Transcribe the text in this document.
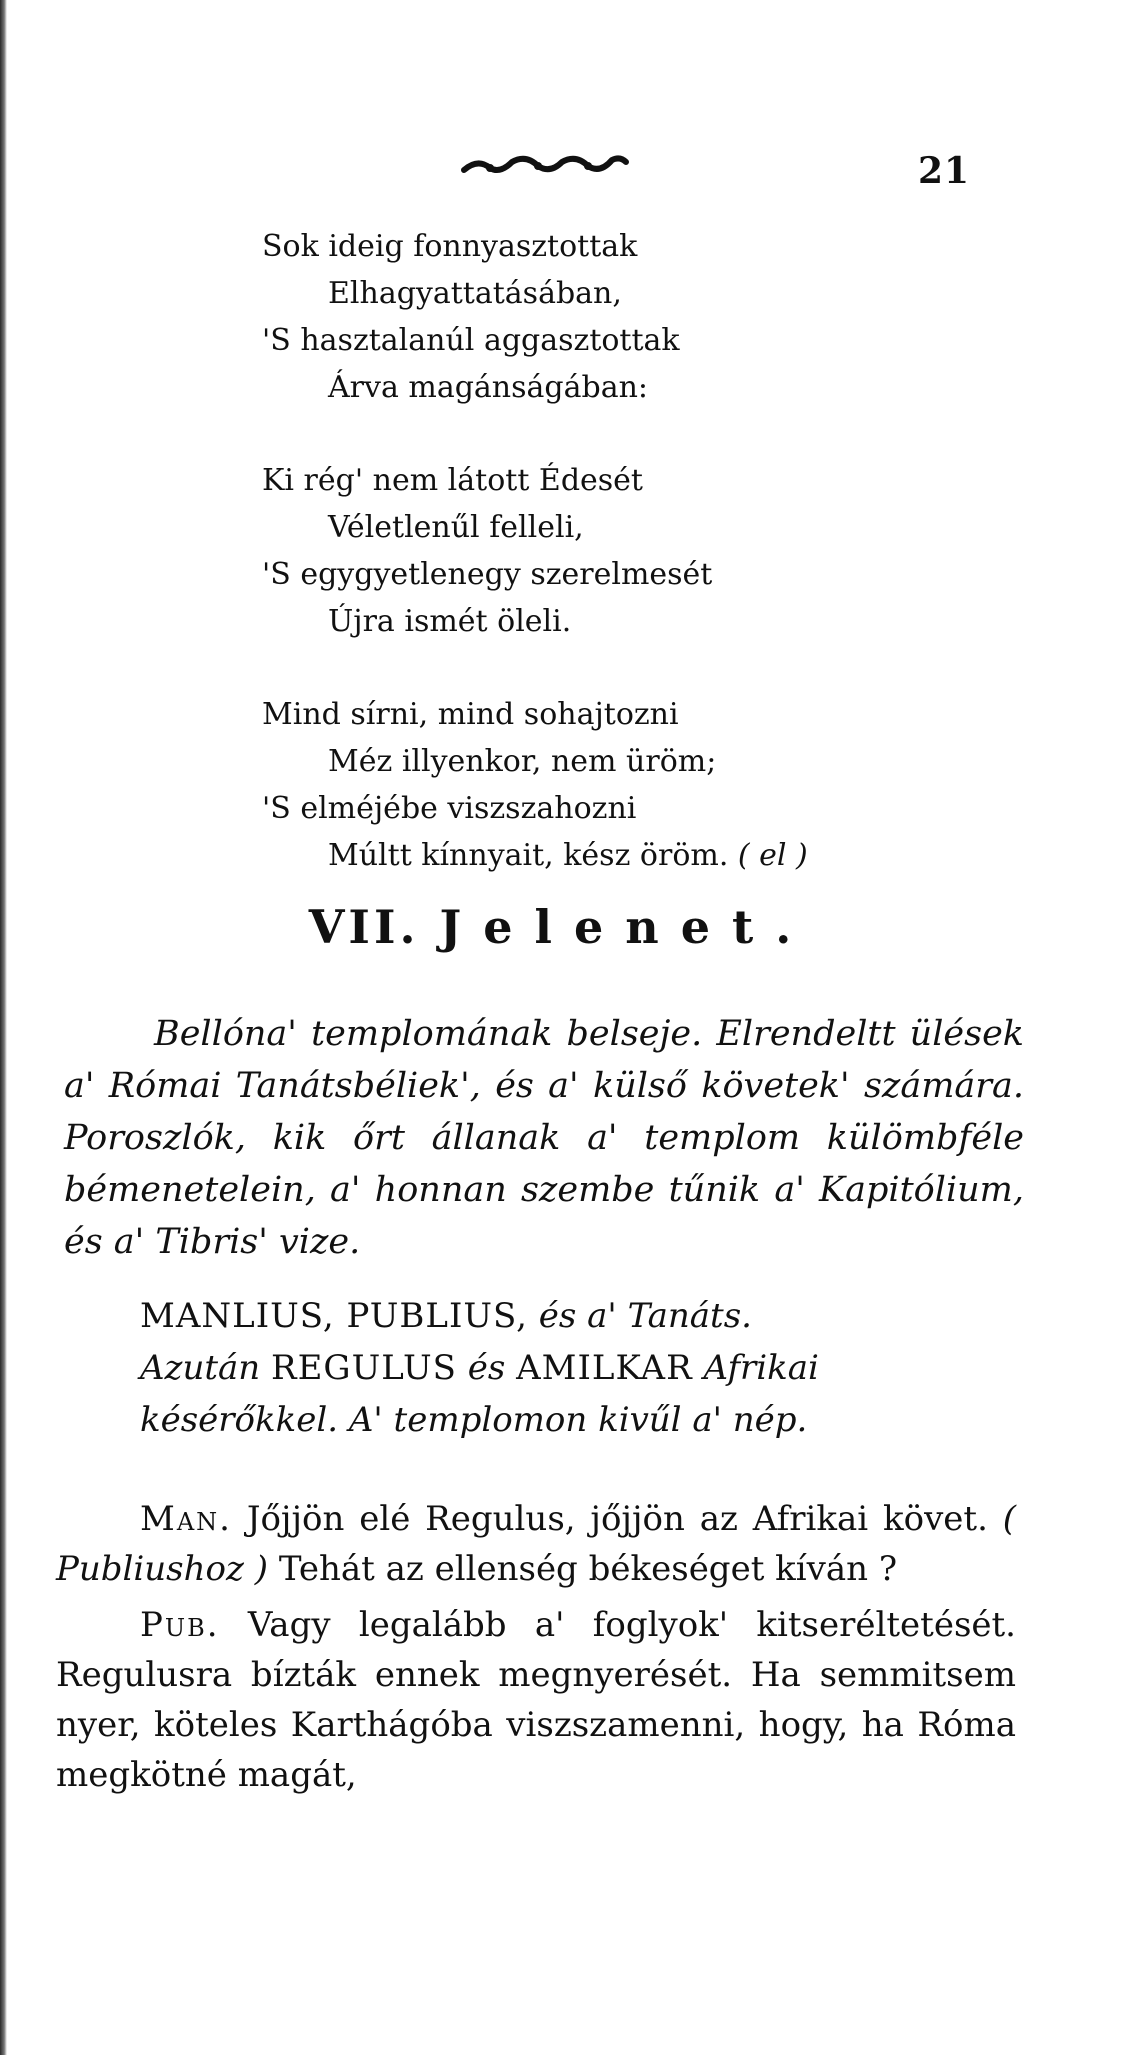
21
Sok ideig fonnyasztottak
Elhagyattatásában,
'S hasztalanúl aggasztottak
Árva magánságában:
Ki rég' nem látott Édesét
Véletlenűl felleli,
'S egygyetlenegy szerelmesét
Újra ismét öleli.
Mind sírni, mind sohajtozni
Méz illyenkor, nem üröm;
'S elméjébe viszszahozni
Múltt kínnyait, kész öröm. ( el )
VII. Jelenet.
Bellóna' templomának belseje. Elrendeltt ülések a' Római Tanátsbéliek', és a' külső követek' számára. Poroszlók, kik őrt állanak a' templom külömbféle bémenetelein, a' honnan szembe tűnik a' Kapitólium, és a' Tibris' vize.
MANLIUS, PUBLIUS, és a' Tanáts.
Azután REGULUS és AMILKAR Afrikai
késérőkkel. A' templomon kivűl a' nép.

Man. Jőjjön elé Regulus, jőjjön az Afrikai követ. ( Publiushoz ) Tehát az ellenség békeséget kíván ?

Pub. Vagy legalább a' foglyok' kitseréltetését. Regulusra bízták ennek megnyerését. Ha semmitsem nyer, köteles Karthágóba viszszamenni, hogy, ha Róma megkötné magát,
